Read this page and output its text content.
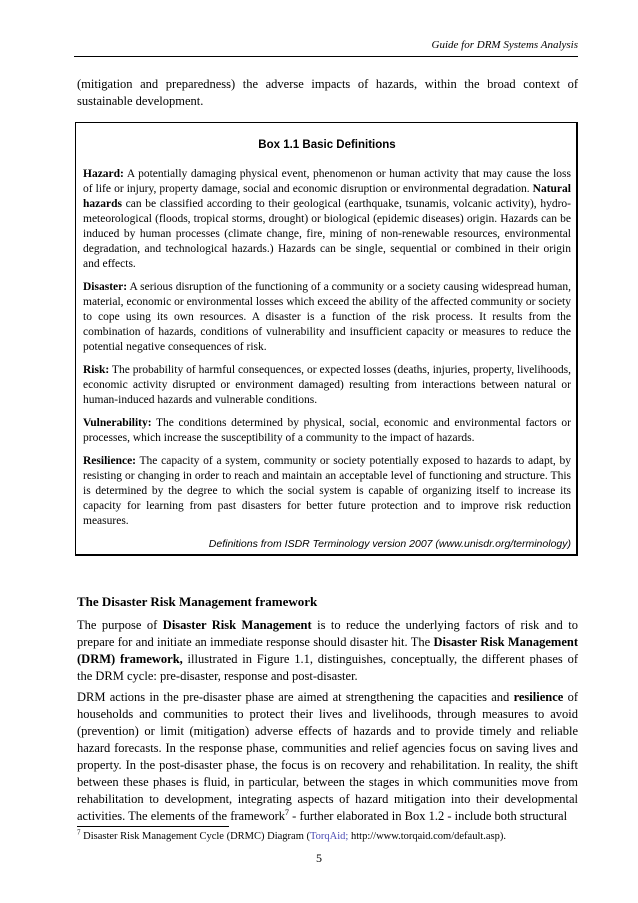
Guide for DRM Systems Analysis
(mitigation and preparedness) the adverse impacts of hazards, within the broad context of sustainable development.
Box 1.1 Basic Definitions

Hazard: A potentially damaging physical event, phenomenon or human activity that may cause the loss of life or injury, property damage, social and economic disruption or environmental degradation. Natural hazards can be classified according to their geological (earthquake, tsunamis, volcanic activity), hydro-meteorological (floods, tropical storms, drought) or biological (epidemic diseases) origin. Hazards can be induced by human processes (climate change, fire, mining of non-renewable resources, environmental degradation, and technological hazards.) Hazards can be single, sequential or combined in their origin and effects.

Disaster: A serious disruption of the functioning of a community or a society causing widespread human, material, economic or environmental losses which exceed the ability of the affected community or society to cope using its own resources. A disaster is a function of the risk process. It results from the combination of hazards, conditions of vulnerability and insufficient capacity or measures to reduce the potential negative consequences of risk.

Risk: The probability of harmful consequences, or expected losses (deaths, injuries, property, livelihoods, economic activity disrupted or environment damaged) resulting from interactions between natural or human-induced hazards and vulnerable conditions.

Vulnerability: The conditions determined by physical, social, economic and environmental factors or processes, which increase the susceptibility of a community to the impact of hazards.

Resilience: The capacity of a system, community or society potentially exposed to hazards to adapt, by resisting or changing in order to reach and maintain an acceptable level of functioning and structure. This is determined by the degree to which the social system is capable of organizing itself to increase its capacity for learning from past disasters for better future protection and to improve risk reduction measures.

Definitions from ISDR Terminology version 2007 (www.unisdr.org/terminology)
The Disaster Risk Management framework
The purpose of Disaster Risk Management is to reduce the underlying factors of risk and to prepare for and initiate an immediate response should disaster hit. The Disaster Risk Management (DRM) framework, illustrated in Figure 1.1, distinguishes, conceptually, the different phases of the DRM cycle: pre-disaster, response and post-disaster.
DRM actions in the pre-disaster phase are aimed at strengthening the capacities and resilience of households and communities to protect their lives and livelihoods, through measures to avoid (prevention) or limit (mitigation) adverse effects of hazards and to provide timely and reliable hazard forecasts. In the response phase, communities and relief agencies focus on saving lives and property. In the post-disaster phase, the focus is on recovery and rehabilitation. In reality, the shift between these phases is fluid, in particular, between the stages in which communities move from rehabilitation to development, integrating aspects of hazard mitigation into their developmental activities. The elements of the framework$^7$ - further elaborated in Box 1.2 - include both structural
$^7$ Disaster Risk Management Cycle (DRMC) Diagram (TorqAid; http://www.torqaid.com/default.asp).
5
